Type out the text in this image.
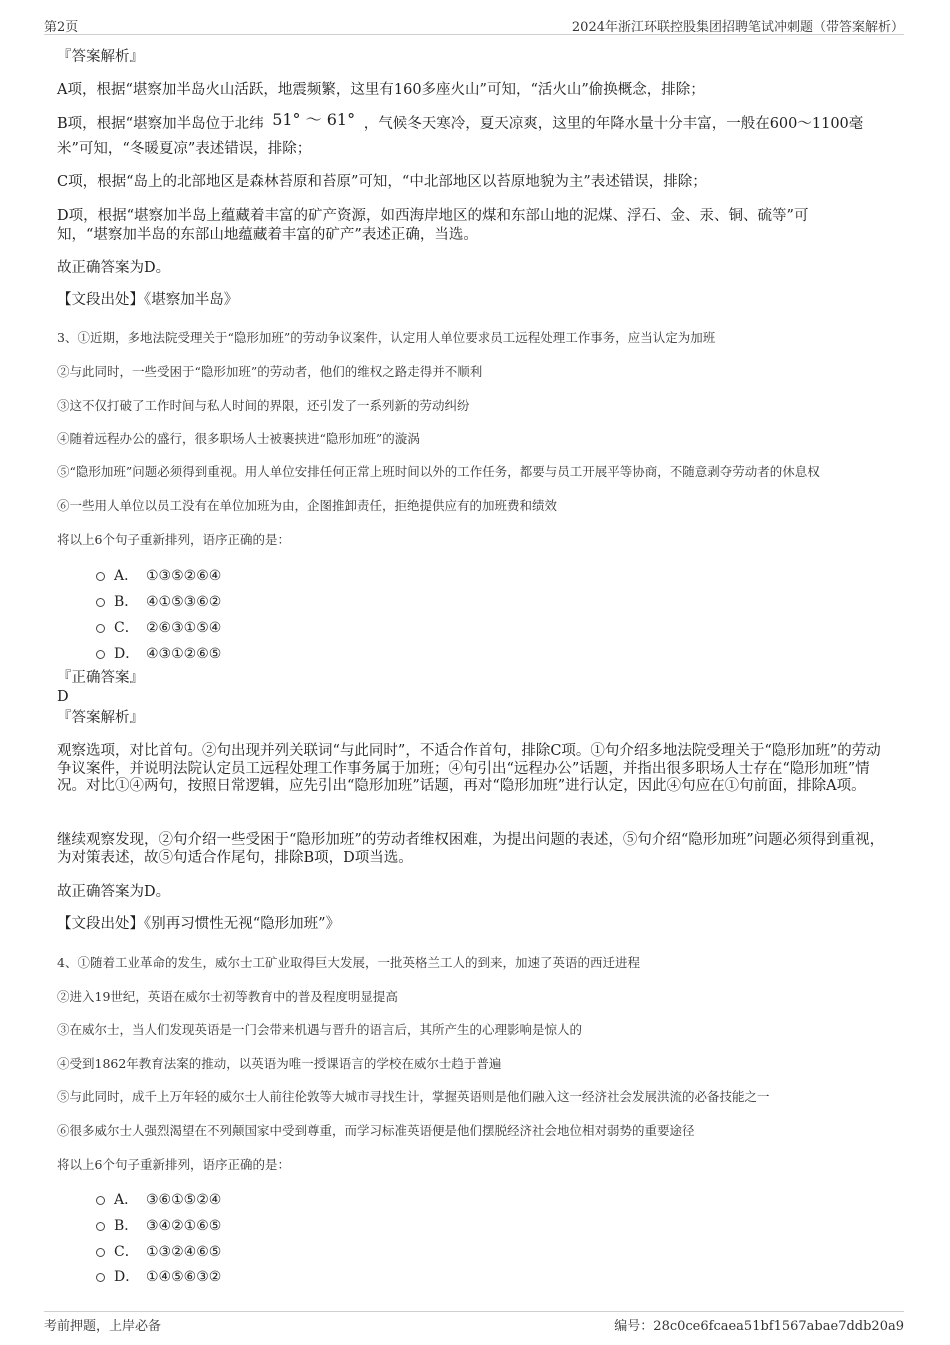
第2页	2024年浙江环联控股集团招聘笔试冲刺题（带答案解析）
『答案解析』
A项，根据“堪察加半岛火山活跃，地震频繁，这里有160多座火山”可知，“活火山”偷换概念，排除；
B项，根据“堪察加半岛位于北纬 51° ～ 61° ，气候冬天寒冷，夏天凉爽，这里的年降水量十分丰富，一般在600～1100毫
米”可知，“冬暖夏凉”表述错误，排除；
C项，根据“岛上的北部地区是森林苔原和苔原”可知，“中北部地区以苔原地貌为主”表述错误，排除；
D项，根据“堪察加半岛上蕴藏着丰富的矿产资源，如西海岸地区的煤和东部山地的泥煤、浮石、金、汞、铜、硫等”可
知，“堪察加半岛的东部山地蕴藏着丰富的矿产”表述正确，当选。
故正确答案为D。
【文段出处】《堪察加半岛》
3、①近期，多地法院受理关于“隐形加班”的劳动争议案件，认定用人单位要求员工远程处理工作事务，应当认定为加班
②与此同时，一些受困于“隐形加班”的劳动者，他们的维权之路走得并不顺利
③这不仅打破了工作时间与私人时间的界限，还引发了一系列新的劳动纠纷
④随着远程办公的盛行，很多职场人士被裹挟进“隐形加班”的漩涡
⑤“隐形加班”问题必须得到重视。用人单位安排任何正常上班时间以外的工作任务，都要与员工开展平等协商，不随意剥夺劳动者的休息权
⑥一些用人单位以员工没有在单位加班为由，企图推卸责任，拒绝提供应有的加班费和绩效
将以上6个句子重新排列，语序正确的是：
A． ①③⑤②⑥④
B． ④①⑤③⑥②
C． ②⑥③①⑤④
D． ④③①②⑥⑤
『正确答案』
D
『答案解析』
观察选项，对比首句。②句出现并列关联词“与此同时”，不适合作首句，排除C项。①句介绍多地法院受理关于“隐形加班”的劳动争议案件，并说明法院认定员工远程处理工作事务属于加班；④句引出“远程办公”话题，并指出很多职场人士存在“隐形加班”情况。对比①④两句，按照日常逻辑，应先引出“隐形加班”话题，再对“隐形加班”进行认定，因此④句应在①句前面，排除A项。
继续观察发现，②句介绍一些受困于“隐形加班”的劳动者维权困难，为提出问题的表述，⑤句介绍“隐形加班”问题必须得到重视，为对策表述，故⑤句适合作尾句，排除B项，D项当选。
故正确答案为D。
【文段出处】《别再习惯性无视“隐形加班”》
4、①随着工业革命的发生，威尔士工矿业取得巨大发展，一批英格兰工人的到来，加速了英语的西迁进程
②进入19世纪，英语在威尔士初等教育中的普及程度明显提高
③在威尔士，当人们发现英语是一门会带来机遇与晋升的语言后，其所产生的心理影响是惊人的
④受到1862年教育法案的推动，以英语为唯一授课语言的学校在威尔士趋于普遍
⑤与此同时，成千上万年轻的威尔士人前往伦敦等大城市寻找生计，掌握英语则是他们融入这一经济社会发展洪流的必备技能之一
⑥很多威尔士人强烈渴望在不列颠国家中受到尊重，而学习标准英语便是他们摆脱经济社会地位相对弱势的重要途径
将以上6个句子重新排列，语序正确的是：
A． ③⑥①⑤②④
B． ③④②①⑥⑤
C． ①③②④⑥⑤
D． ①④⑤⑥③②
考前押题，上岸必备	编号：28c0ce6fcaea51bf1567abae7ddb20a9
